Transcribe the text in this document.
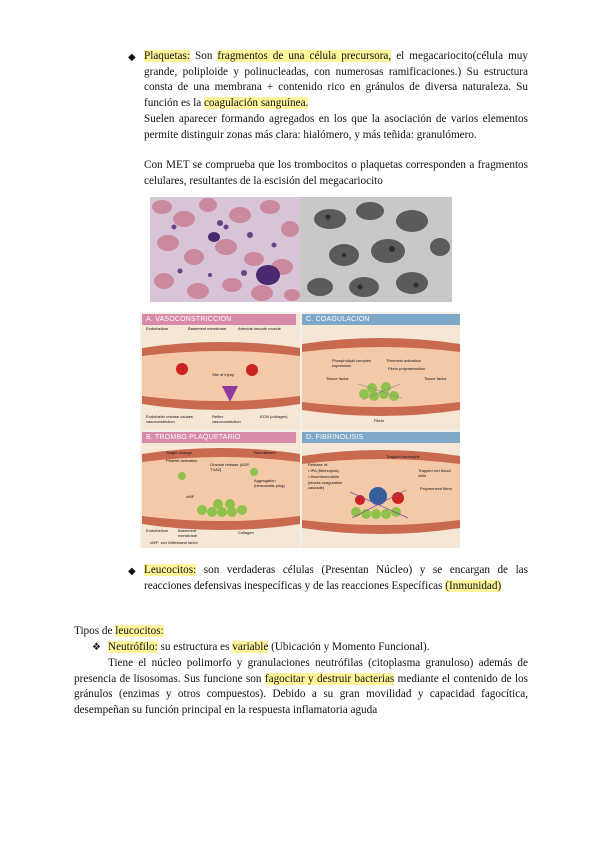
◆ Plaquetas: Son fragmentos de una célula precursora, el megacariocito(célula muy grande, poliploide y polinucleadas, con numerosas ramificaciones.) Su estructura consta de una membrana + contenido rico en gránulos de diversa naturaleza. Su función es la coagulación sanguínea.
Suelen aparecer formando agregados en los que la asociación de varios elementos permite distinguir zonas más clara: hialómero, y más teñida: granulómero.
Con MET se comprueba que los trombocitos o plaquetas corresponden a fragmentos celulares, resultantes de la escisión del megacariocito
A. VASOCONSTRICCION
Endothelium	Basement membrane	Arteriole smooth muscle
Site of injury
Endothelin release causes vasoconstriction
Reflex vasoconstriction
ECM (collagen)
C. COAGULACION
Tissue factor
Phospholipid complex expression
Thrombin activation
Fibrin polymerization
Tissue factor
Fibrin
B. TROMBO PLAQUETARIO
Shape change
Platelet activation
Granule release (ADP, TXA2)
Recruitment
Aggregation (hemostatic plug)
vWF
Endothelium Basement membrane
Collagen
vWF: von Willebrand factor
D. FIBRINOLISIS
Release of:
• tPA (fibrinolysis)
• thrombomodulin
(blocks coagulation cascade)
Trapped neutrophil
Trapped red blood cells
Polymerized fibrin
◆ Leucocitos: son verdaderas células (Presentan Núcleo) y se encargan de las reacciones defensivas inespecíficas y de las reacciones Específicas (Inmunidad)
Tipos de leucocitos:
❖ Neutrófilo: su estructura es variable (Ubicación y Momento Funcional).
Tiene el núcleo polimorfo y granulaciones neutrófilas (citoplasma granuloso) además de presencia de lisosomas. Sus funcione son fagocitar y destruir bacterias mediante el contenido de los gránulos (enzimas y otros compuestos). Debido a su gran movilidad y capacidad fagocítica, desempeñan su función principal en la respuesta inflamatoria aguda
